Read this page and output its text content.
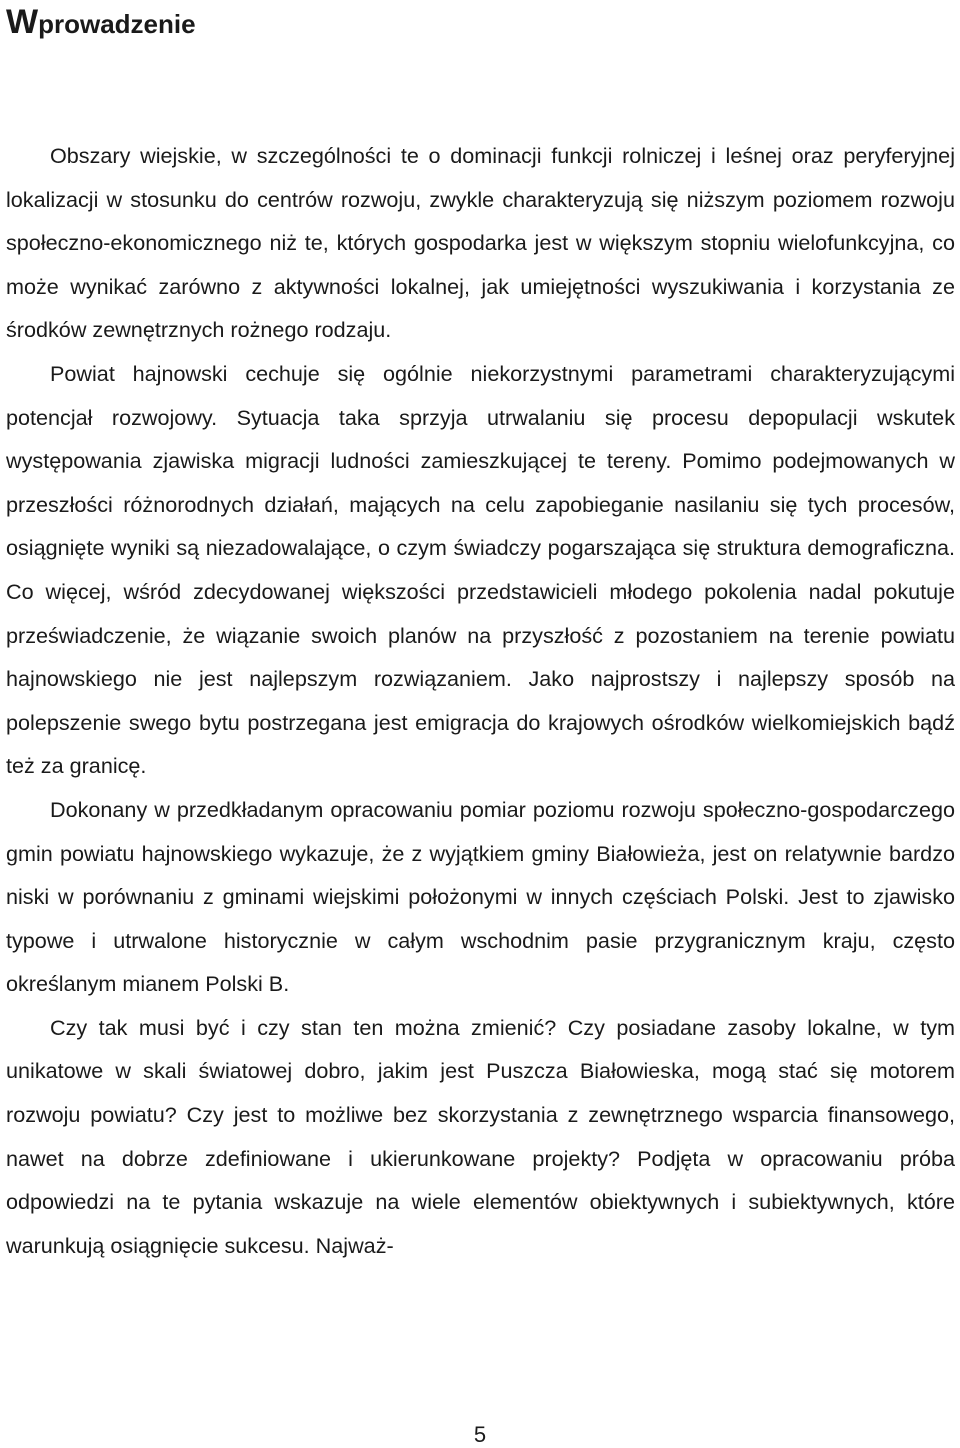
Wprowadzenie

Obszary wiejskie, w szczególności te o dominacji funkcji rolniczej i leśnej oraz peryferyjnej lokalizacji w stosunku do centrów rozwoju, zwykle charakteryzują się niższym poziomem rozwoju społeczno-ekonomicznego niż te, których gospodarka jest w większym stopniu wielofunkcyjna, co może wynikać zarówno z aktywności lokalnej, jak umiejętności wyszukiwania i korzystania ze środków zewnętrznych rożnego rodzaju.

Powiat hajnowski cechuje się ogólnie niekorzystnymi parametrami charakteryzującymi potencjał rozwojowy. Sytuacja taka sprzyja utrwalaniu się procesu depopulacji wskutek występowania zjawiska migracji ludności zamieszkującej te tereny. Pomimo podejmowanych w przeszłości różnorodnych działań, mających na celu zapobieganie nasilaniu się tych procesów, osiągnięte wyniki są niezadowalające, o czym świadczy pogarszająca się struktura demograficzna. Co więcej, wśród zdecydowanej większości przedstawicieli młodego pokolenia nadal pokutuje przeświadczenie, że wiązanie swoich planów na przyszłość z pozostaniem na terenie powiatu hajnowskiego nie jest najlepszym rozwiązaniem. Jako najprostszy i najlepszy sposób na polepszenie swego bytu postrzegana jest emigracja do krajowych ośrodków wielkomiejskich bądź też za granicę.

Dokonany w przedkładanym opracowaniu pomiar poziomu rozwoju społeczno-gospodarczego gmin powiatu hajnowskiego wykazuje, że z wyjątkiem gminy Białowieża, jest on relatywnie bardzo niski w porównaniu z gminami wiejskimi położonymi w innych częściach Polski. Jest to zjawisko typowe i utrwalone historycznie w całym wschodnim pasie przygranicznym kraju, często określanym mianem Polski B.

Czy tak musi być i czy stan ten można zmienić? Czy posiadane zasoby lokalne, w tym unikatowe w skali światowej dobro, jakim jest Puszcza Białowieska, mogą stać się motorem rozwoju powiatu? Czy jest to możliwe bez skorzystania z zewnętrznego wsparcia finansowego, nawet na dobrze zdefiniowane i ukierunkowane projekty? Podjęta w opracowaniu próba odpowiedzi na te pytania wskazuje na wiele elementów obiektywnych i subiektywnych, które warunkują osiągnięcie sukcesu. Najważ-

5
